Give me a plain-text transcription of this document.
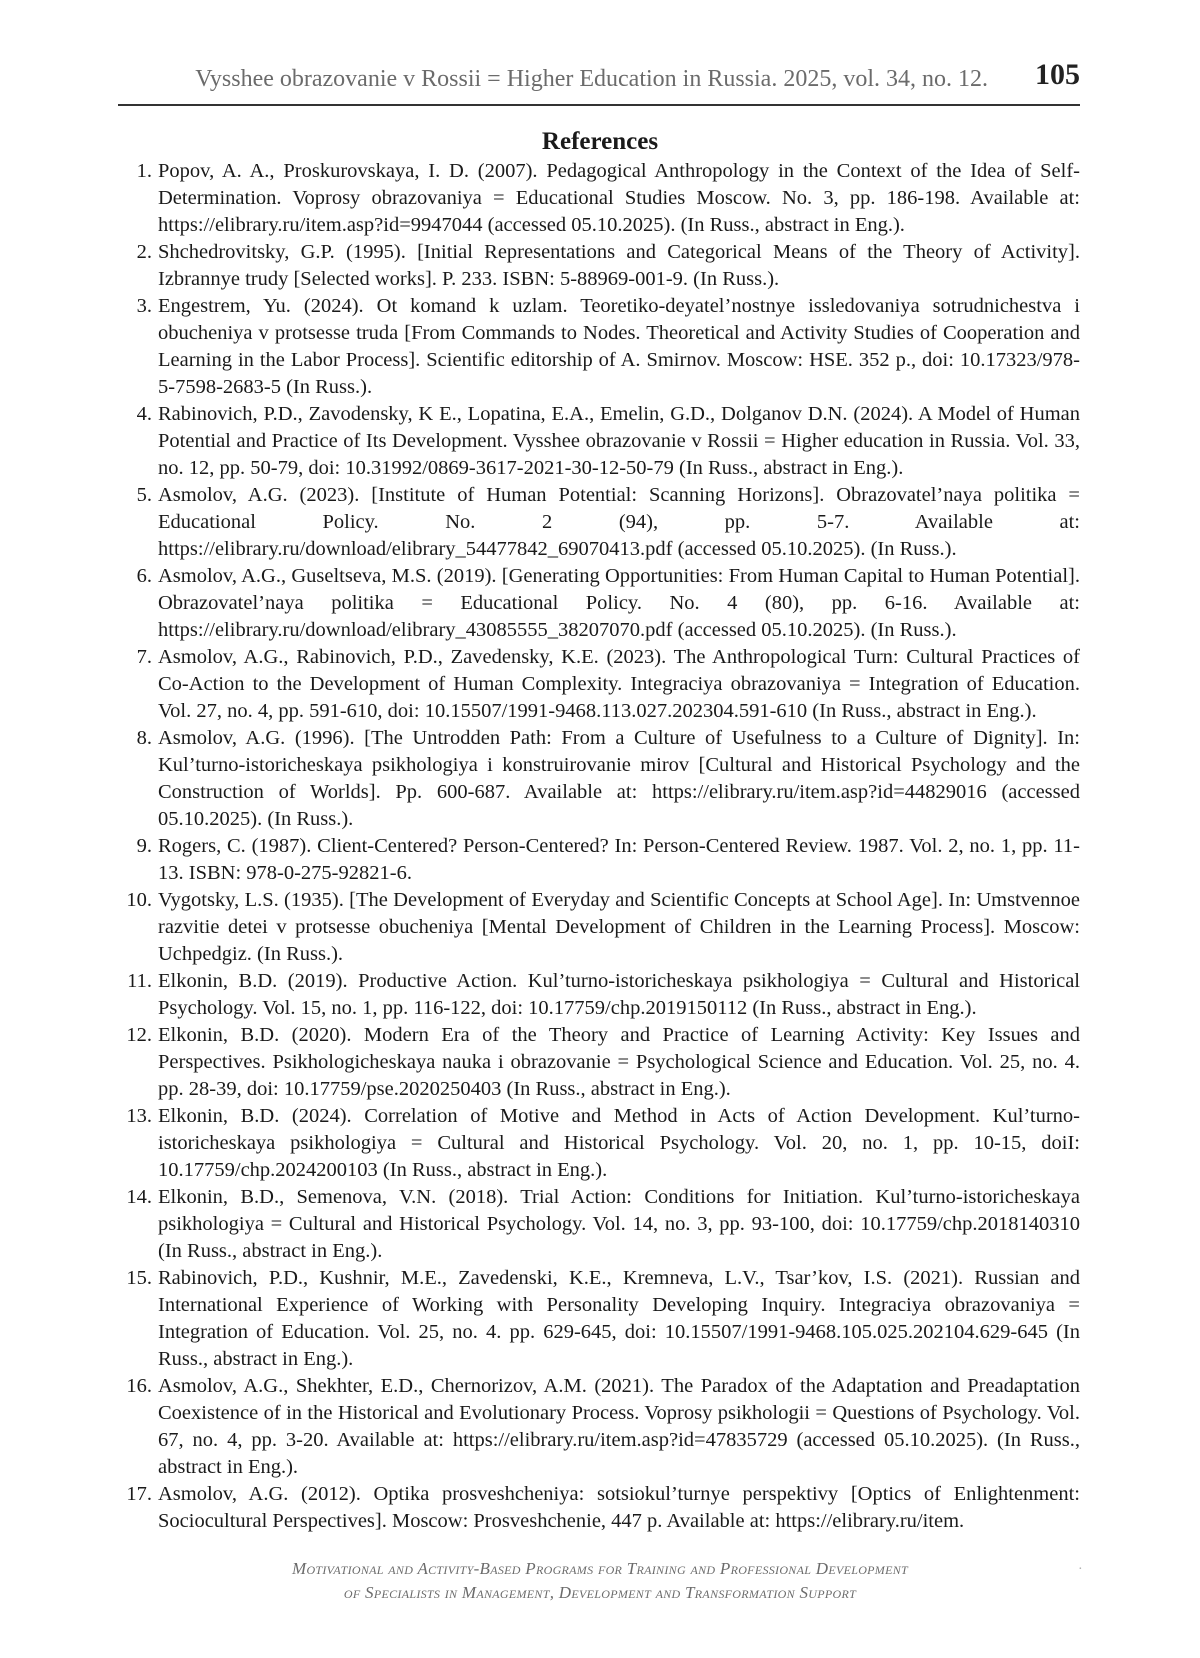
Vysshee obrazovanie v Rossii = Higher Education in Russia. 2025, vol. 34, no. 12. 105
References
1. Popov, A. A., Proskurovskaya, I. D. (2007). Pedagogical Anthropology in the Context of the Idea of Self-Determination. Voprosy obrazovaniya = Educational Studies Moscow. No. 3, pp. 186-198. Available at: https://elibrary.ru/item.asp?id=9947044 (accessed 05.10.2025). (In Russ., abstract in Eng.).
2. Shchedrovitsky, G.P. (1995). [Initial Representations and Categorical Means of the Theory of Activity]. Izbrannye trudy [Selected works]. P. 233. ISBN: 5-88969-001-9. (In Russ.).
3. Engestrem, Yu. (2024). Ot komand k uzlam. Teoretiko-deyatel’nostnye issledovaniya sotrudnichestva i obucheniya v protsesse truda [From Commands to Nodes. Theoretical and Activity Studies of Cooperation and Learning in the Labor Process]. Scientific editorship of A. Smirnov. Moscow: HSE. 352 p., doi: 10.17323/978-5-7598-2683-5 (In Russ.).
4. Rabinovich, P.D., Zavodensky, K E., Lopatina, E.A., Emelin, G.D., Dolganov D.N. (2024). A Model of Human Potential and Practice of Its Development. Vysshee obrazovanie v Rossii = Higher education in Russia. Vol. 33, no. 12, pp. 50-79, doi: 10.31992/0869-3617-2021-30-12-50-79 (In Russ., abstract in Eng.).
5. Asmolov, A.G. (2023). [Institute of Human Potential: Scanning Horizons]. Obrazovatel’naya politika = Educational Policy. No. 2 (94), pp. 5-7. Available at: https://elibrary.ru/download/elibrary_54477842_69070413.pdf (accessed 05.10.2025). (In Russ.).
6. Asmolov, A.G., Guseltseva, M.S. (2019). [Generating Opportunities: From Human Capital to Human Potential]. Obrazovatel’naya politika = Educational Policy. No. 4 (80), pp. 6-16. Available at: https://elibrary.ru/download/elibrary_43085555_38207070.pdf (accessed 05.10.2025). (In Russ.).
7. Asmolov, A.G., Rabinovich, P.D., Zavedensky, K.E. (2023). The Anthropological Turn: Cultural Practices of Co-Action to the Development of Human Complexity. Integraciya obrazovaniya = Integration of Education. Vol. 27, no. 4, pp. 591-610, doi: 10.15507/1991-9468.113.027.202304.591-610 (In Russ., abstract in Eng.).
8. Asmolov, A.G. (1996). [The Untrodden Path: From a Culture of Usefulness to a Culture of Dignity]. In: Kul’turno-istoricheskaya psikhologiya i konstruirovanie mirov [Cultural and Historical Psychology and the Construction of Worlds]. Pp. 600-687. Available at: https://elibrary.ru/item.asp?id=44829016 (accessed 05.10.2025). (In Russ.).
9. Rogers, C. (1987). Client-Centered? Person-Centered? In: Person-Centered Review. 1987. Vol. 2, no. 1, pp. 11-13. ISBN: 978-0-275-92821-6.
10. Vygotsky, L.S. (1935). [The Development of Everyday and Scientific Concepts at School Age]. In: Umstvennoe razvitie detei v protsesse obucheniya [Mental Development of Children in the Learning Process]. Moscow: Uchpedgiz. (In Russ.).
11. Elkonin, B.D. (2019). Productive Action. Kul’turno-istoricheskaya psikhologiya = Cultural and Historical Psychology. Vol. 15, no. 1, pp. 116-122, doi: 10.17759/chp.2019150112 (In Russ., abstract in Eng.).
12. Elkonin, B.D. (2020). Modern Era of the Theory and Practice of Learning Activity: Key Issues and Perspectives. Psikhologicheskaya nauka i obrazovanie = Psychological Science and Education. Vol. 25, no. 4. pp. 28-39, doi: 10.17759/pse.2020250403 (In Russ., abstract in Eng.).
13. Elkonin, B.D. (2024). Correlation of Motive and Method in Acts of Action Development. Kul’turno-istoricheskaya psikhologiya = Cultural and Historical Psychology. Vol. 20, no. 1, pp. 10-15, doiI: 10.17759/chp.2024200103 (In Russ., abstract in Eng.).
14. Elkonin, B.D., Semenova, V.N. (2018). Trial Action: Conditions for Initiation. Kul’turno-istoricheskaya psikhologiya = Cultural and Historical Psychology. Vol. 14, no. 3, pp. 93-100, doi: 10.17759/chp.2018140310 (In Russ., abstract in Eng.).
15. Rabinovich, P.D., Kushnir, M.E., Zavedenski, K.E., Kremneva, L.V., Tsar’kov, I.S. (2021). Russian and International Experience of Working with Personality Developing Inquiry. Integraciya obrazovaniya = Integration of Education. Vol. 25, no. 4. pp. 629-645, doi: 10.15507/1991-9468.105.025.202104.629-645 (In Russ., abstract in Eng.).
16. Asmolov, A.G., Shekhter, E.D., Chernorizov, A.M. (2021). The Paradox of the Adaptation and Preadaptation Coexistence of in the Historical and Evolutionary Process. Voprosy psikhologii = Questions of Psychology. Vol. 67, no. 4, pp. 3-20. Available at: https://elibrary.ru/item.asp?id=47835729 (accessed 05.10.2025). (In Russ., abstract in Eng.).
17. Asmolov, A.G. (2012). Optika prosveshcheniya: sotsiokul’turnye perspektivy [Optics of Enlightenment: Sociocultural Perspectives]. Moscow: Prosveshchenie, 447 p. Available at: https://elibrary.ru/item.
Motivational and Activity-Based Programs for Training and Professional Development
of Specialists in Management, Development and Transformation Support
·
